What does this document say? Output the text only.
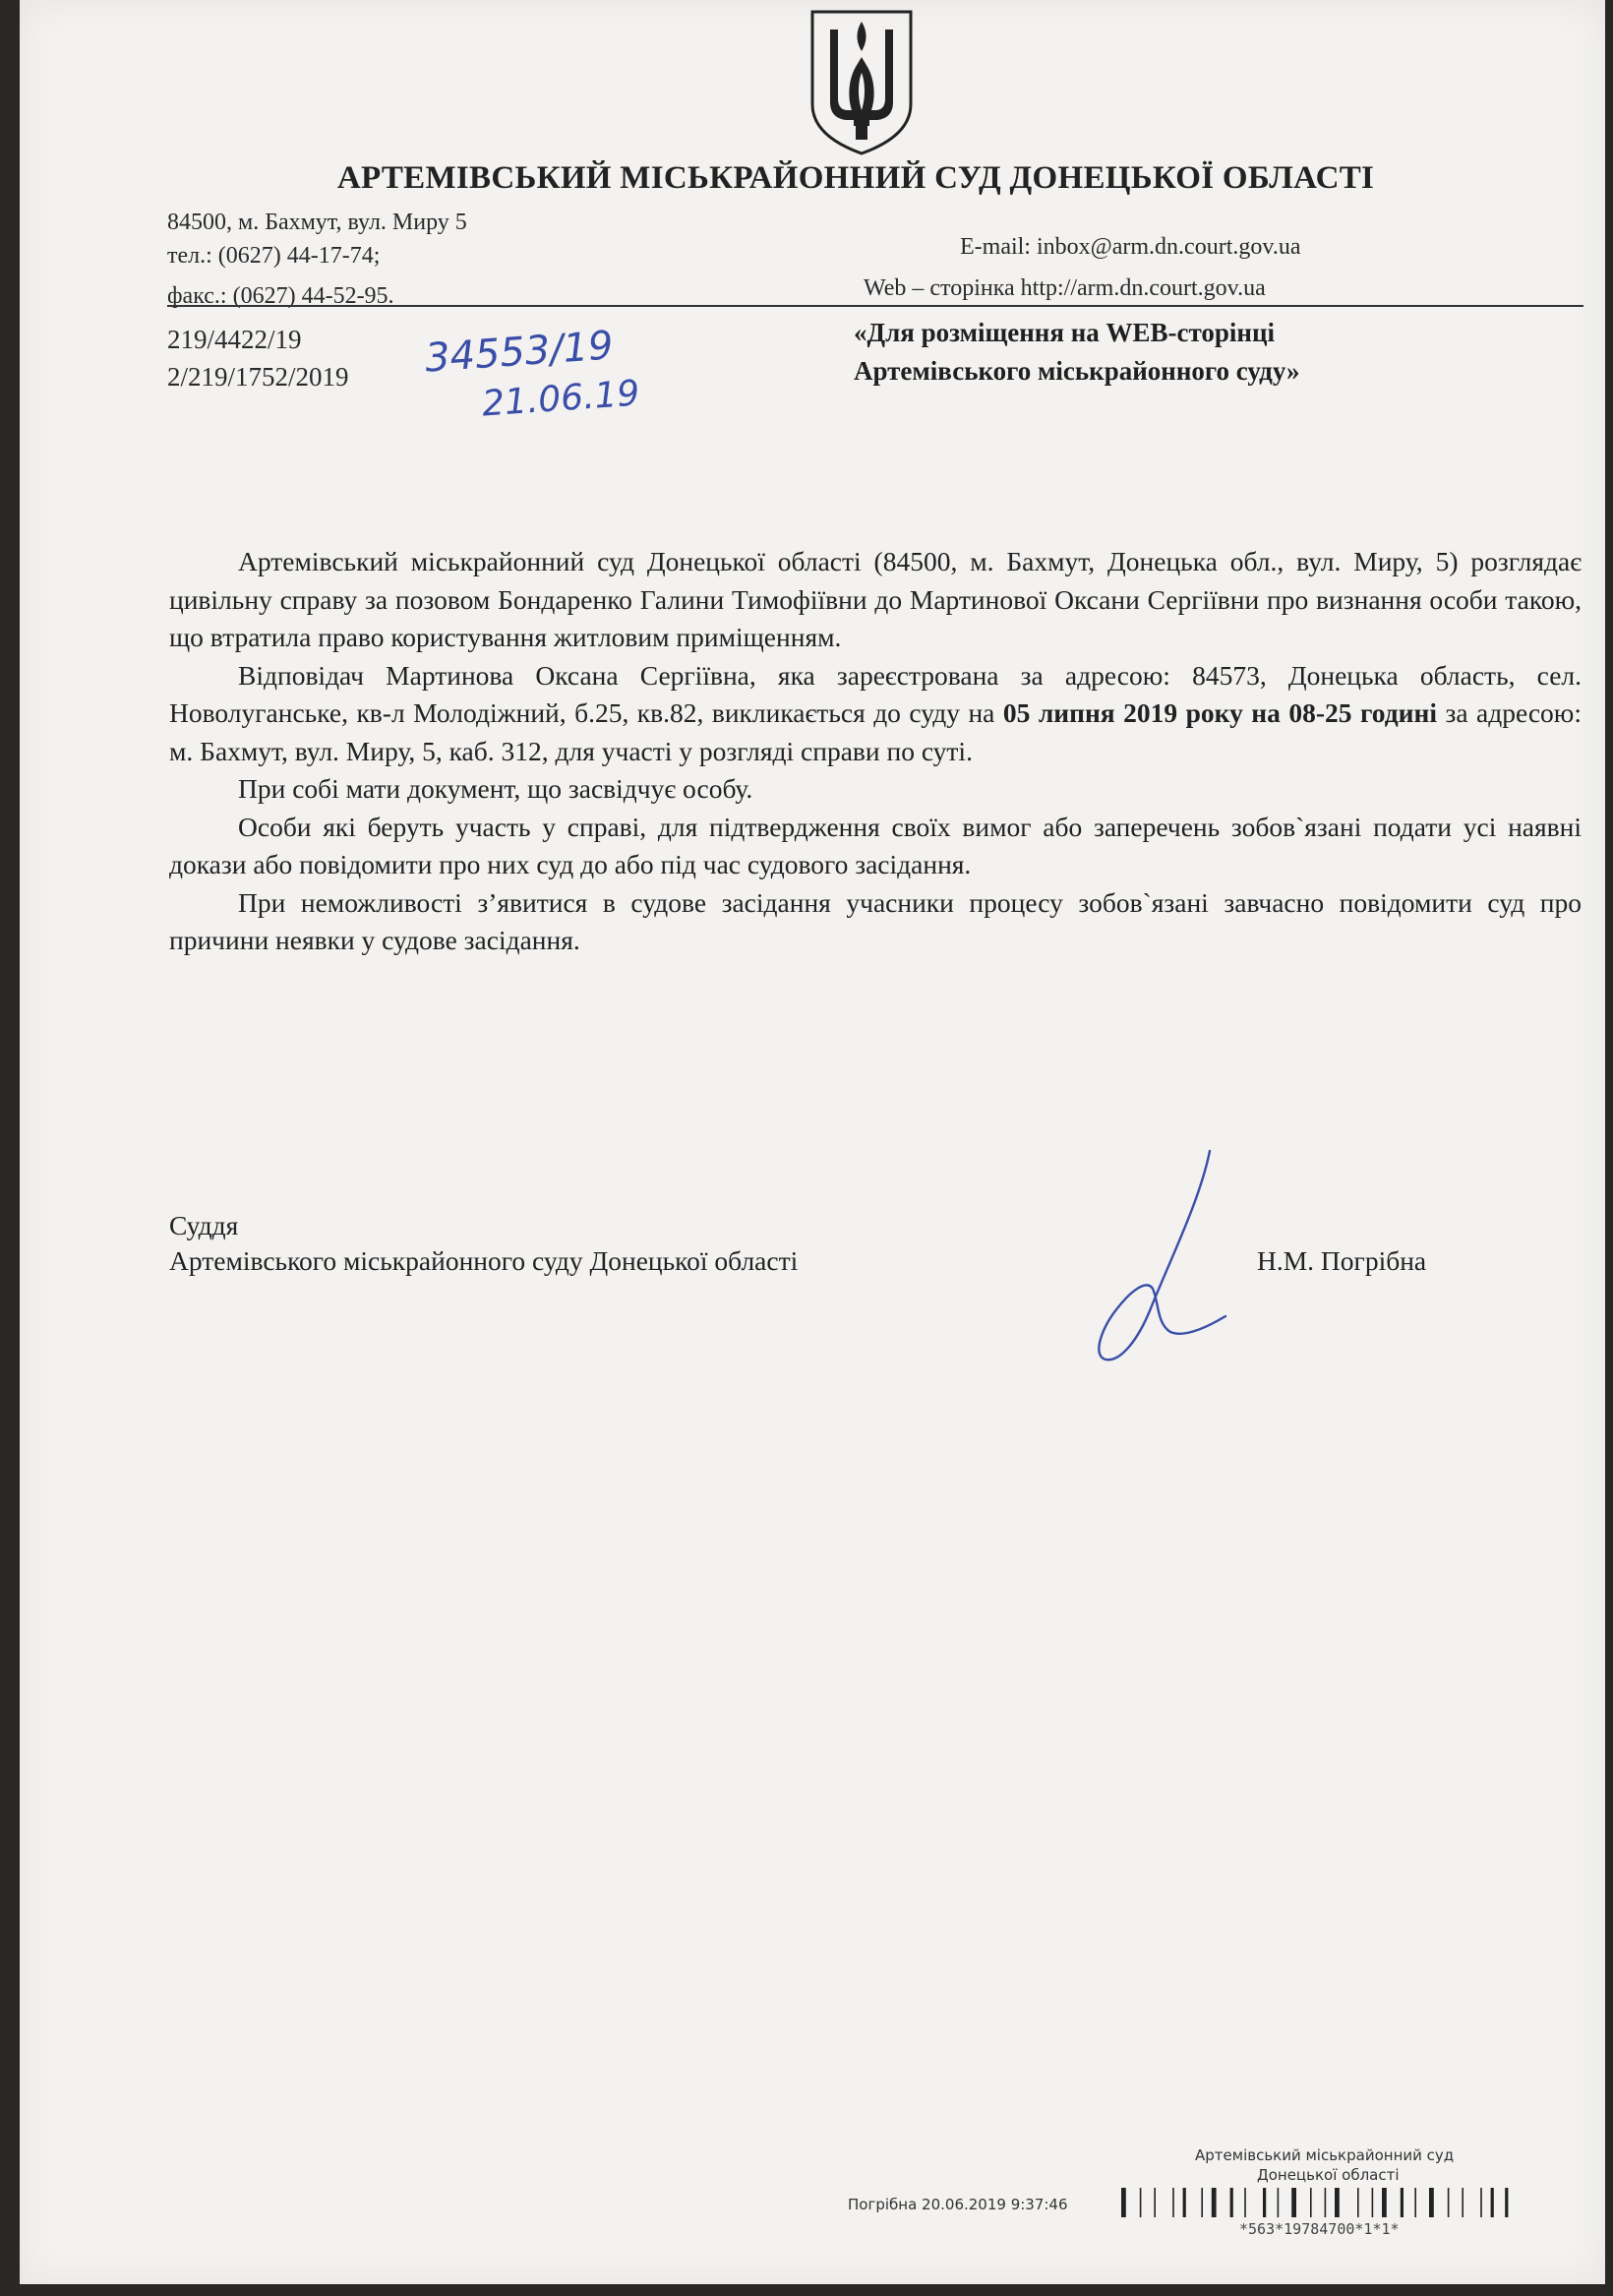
АРТЕМІВСЬКИЙ МІСЬКРАЙОННИЙ СУД ДОНЕЦЬКОЇ ОБЛАСТІ
84500, м. Бахмут, вул. Миру 5
тел.: (0627) 44-17-74;
факс.: (0627) 44-52-95.
E-mail: inbox@arm.dn.court.gov.ua
Web – сторінка http://arm.dn.court.gov.ua
219/4422/19
2/219/1752/2019 34553/19
21.06.19
«Для розміщення на WEB-сторінці
Артемівського міськрайонного суду»

Артемівський міськрайонний суд Донецької області (84500, м. Бахмут, Донецька обл., вул. Миру, 5) розглядає цивільну справу за позовом Бондаренко Галини Тимофіївни до Мартинової Оксани Сергіївни про визнання особи такою, що втратила право користування житловим приміщенням.

Відповідач Мартинова Оксана Сергіївна, яка зареєстрована за адресою: 84573, Донецька область, сел. Новолуганське, кв-л Молодіжний, б.25, кв.82, викликається до суду на 05 липня 2019 року на 08-25 годині за адресою: м. Бахмут, вул. Миру, 5, каб. 312, для участі у розгляді справи по суті.

При собі мати документ, що засвідчує особу.

Особи які беруть участь у справі, для підтвердження своїх вимог або заперечень зобов`язані подати усі наявні докази або повідомити про них суд до або під час судового засідання.

При неможливості з’явитися в судове засідання учасники процесу зобов`язані завчасно повідомити суд про причини неявки у судове засідання.

Суддя
Артемівського міськрайонного суду Донецької області	Н.М. Погрібна
Артемівський міськрайонний суд
Донецької області
Погрібна 20.06.2019 9:37:46
*563*19784700*1*1*
